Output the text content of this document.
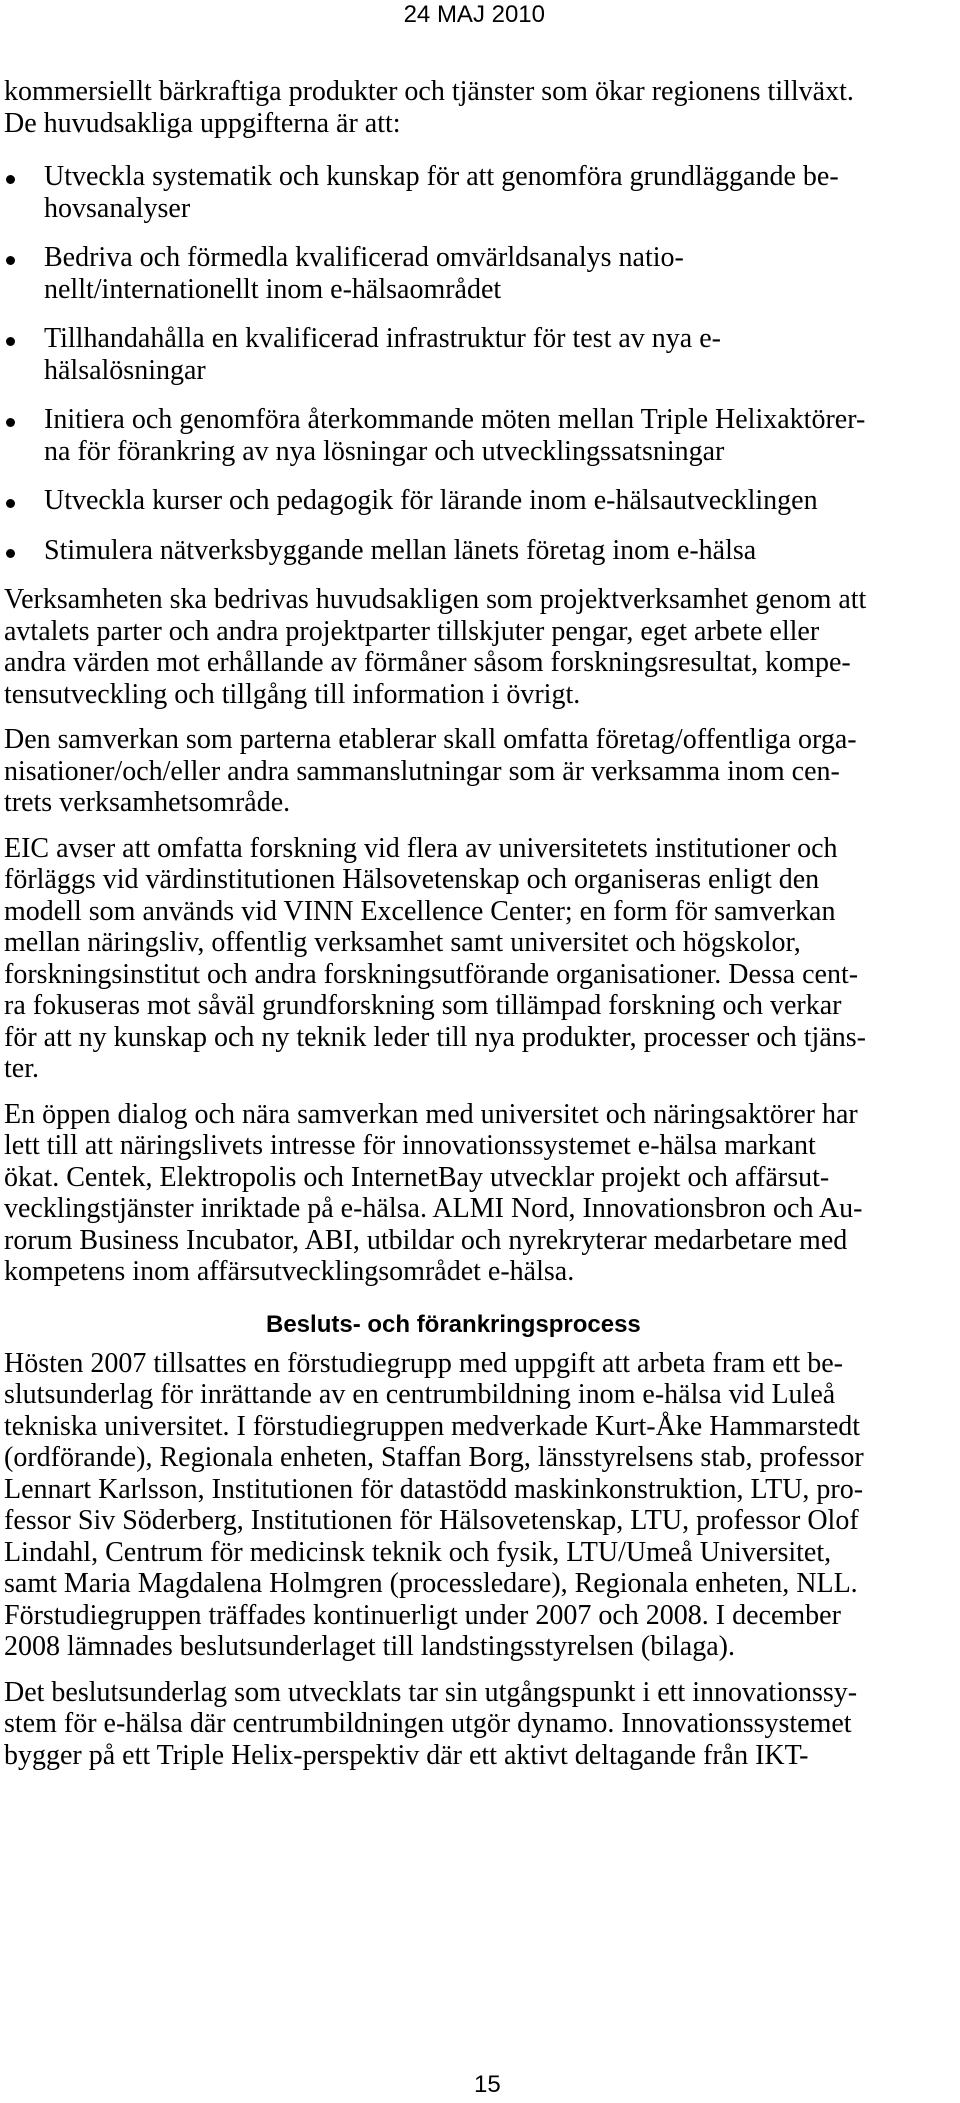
24 MAJ 2010

kommersiellt bärkraftiga produkter och tjänster som ökar regionens tillväxt.

De huvudsakliga uppgifterna är att:

Utveckla systematik och kunskap för att genomföra grundläggande be-
hovsanalyser
Bedriva och förmedla kvalificerad omvärldsanalys natio-
nellt/internationellt inom e-hälsaområdet
Tillhandahålla en kvalificerad infrastruktur för test av nya e-
hälsalösningar
Initiera och genomföra återkommande möten mellan Triple Helixaktörer-
na för förankring av nya lösningar och utvecklingssatsningar
Utveckla kurser och pedagogik för lärande inom e-hälsautvecklingen
Stimulera nätverksbyggande mellan länets företag inom e-hälsa

Verksamheten ska bedrivas huvudsakligen som projektverksamhet genom att
avtalets parter och andra projektparter tillskjuter pengar, eget arbete eller
andra värden mot erhållande av förmåner såsom forskningsresultat, kompe-
tensutveckling och tillgång till information i övrigt.

Den samverkan som parterna etablerar skall omfatta företag/offentliga orga-
nisationer/och/eller andra sammanslutningar som är verksamma inom cen-
trets verksamhetsområde.

EIC avser att omfatta forskning vid flera av universitetets institutioner och
förläggs vid värdinstitutionen Hälsovetenskap och organiseras enligt den
modell som används vid VINN Excellence Center; en form för samverkan
mellan näringsliv, offentlig verksamhet samt universitet och högskolor,
forskningsinstitut och andra forskningsutförande organisationer. Dessa cent-
ra fokuseras mot såväl grundforskning som tillämpad forskning och verkar
för att ny kunskap och ny teknik leder till nya produkter, processer och tjäns-
ter.

En öppen dialog och nära samverkan med universitet och näringsaktörer har
lett till att näringslivets intresse för innovationssystemet e-hälsa markant
ökat. Centek, Elektropolis och InternetBay utvecklar projekt och affärsut-
vecklingstjänster inriktade på e-hälsa. ALMI Nord, Innovationsbron och Au-
rorum Business Incubator, ABI, utbildar och nyrekryterar medarbetare med
kompetens inom affärsutvecklingsområdet e-hälsa.

Besluts- och förankringsprocess

Hösten 2007 tillsattes en förstudiegrupp med uppgift att arbeta fram ett be-
slutsunderlag för inrättande av en centrumbildning inom e-hälsa vid Luleå
tekniska universitet. I förstudiegruppen medverkade Kurt-Åke Hammarstedt
(ordförande), Regionala enheten, Staffan Borg, länsstyrelsens stab, professor
Lennart Karlsson, Institutionen för datastödd maskinkonstruktion, LTU, pro-
fessor Siv Söderberg, Institutionen för Hälsovetenskap, LTU, professor Olof
Lindahl, Centrum för medicinsk teknik och fysik, LTU/Umeå Universitet,
samt Maria Magdalena Holmgren (processledare), Regionala enheten, NLL.
Förstudiegruppen träffades kontinuerligt under 2007 och 2008. I december
2008 lämnades beslutsunderlaget till landstingsstyrelsen (bilaga).

Det beslutsunderlag som utvecklats tar sin utgångspunkt i ett innovationssy-
stem för e-hälsa där centrumbildningen utgör dynamo. Innovationssystemet
bygger på ett Triple Helix-perspektiv där ett aktivt deltagande från IKT-

15
